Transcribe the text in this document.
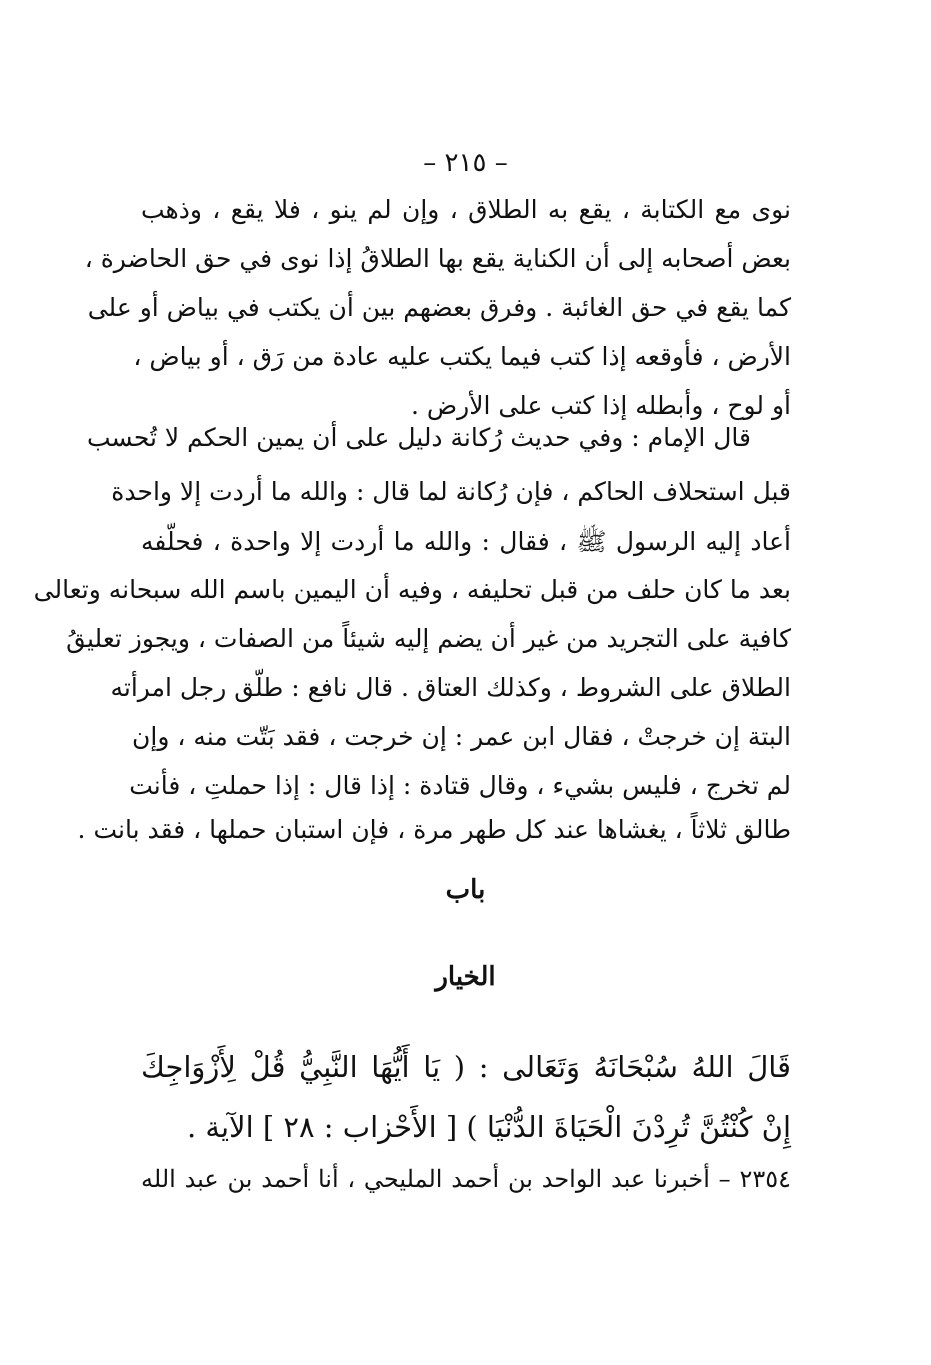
– ٢١٥ –
نوى مع الكتابة ، يقع به الطلاق ، وإن لم ينو ، فلا يقع ، وذهب
بعض أصحابه إلى أن الكناية يقع بها الطلاقُ إذا نوى في حق الحاضرة ،
كما يقع في حق الغائبة . وفرق بعضهم بين أن يكتب في بياض أو على
الأرض ، فأوقعه إذا كتب فيما يكتب عليه عادة من رَق ، أو بياض ،
أو لوح ، وأبطله إذا كتب على الأرض .
قال الإمام : وفي حديث رُكانة دليل على أن يمين الحكم لا تُحسب
قبل استحلاف الحاكم ، فإن رُكانة لما قال : والله ما أردت إلا واحدة
أعاد إليه الرسول ﷺ ، فقال : والله ما أردت إلا واحدة ، فحلّفه
بعد ما كان حلف من قبل تحليفه ، وفيه أن اليمين باسم الله سبحانه وتعالى
كافية على التجريد من غير أن يضم إليه شيئاً من الصفات ، ويجوز تعليقُ
الطلاق على الشروط ، وكذلك العتاق . قال نافع : طلّق رجل امرأته
البتة إن خرجتْ ، فقال ابن عمر : إن خرجت ، فقد بَتّت منه ، وإن
لم تخرج ، فليس بشيء ، وقال قتادة : إذا قال : إذا حملتِ ، فأنت
طالق ثلاثاً ، يغشاها عند كل طهر مرة ، فإن استبان حملها ، فقد بانت .
باب
الخيار
قَالَ اللهُ سُبْحَانَهُ وَتَعَالى : ( يَا أَيُّهَا النَّبِيُّ قُلْ لِأَزْوَاجِكَ
إِنْ كُنْتُنَّ تُرِدْنَ الْحَيَاةَ الدُّنْيَا ) [ الأَحْزاب : ٢٨ ] الآية .
٢٣٥٤ – أخبرنا عبد الواحد بن أحمد المليحي ، أنا أحمد بن عبد الله
